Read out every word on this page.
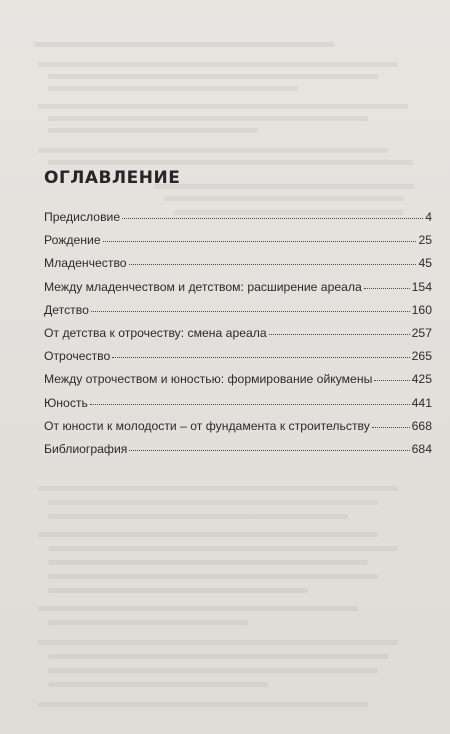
ОГЛАВЛЕНИЕ
Предисловие	4
Рождение	25
Младенчество	45
Между младенчеством и детством: расширение ареала	154
Детство	160
От детства к отрочеству: смена ареала	257
Отрочество	265
Между отрочеством и юностью: формирование ойкумены	425
Юность	441
От юности к молодости – от фундамента к строительству	668
Библиография	684
